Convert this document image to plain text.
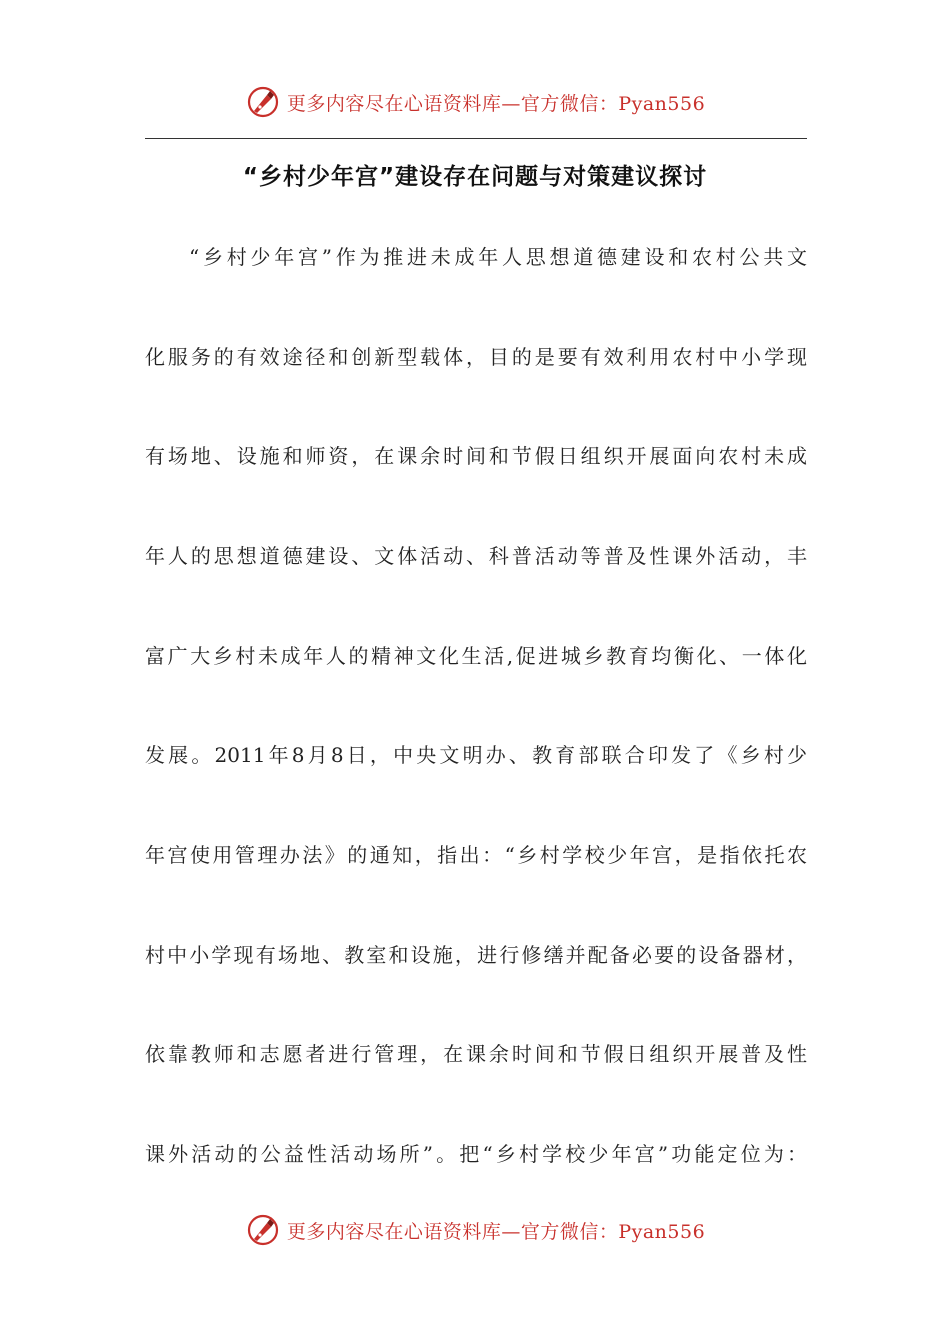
更多内容尽在心语资料库—官方微信：Pyan556
“乡村少年宫”建设存在问题与对策建议探讨
“乡村少年宫”作为推进未成年人思想道德建设和农村公共文
化服务的有效途径和创新型载体，目的是要有效利用农村中小学现
有场地、设施和师资，在课余时间和节假日组织开展面向农村未成
年人的思想道德建设、文体活动、科普活动等普及性课外活动，丰
富广大乡村未成年人的精神文化生活,促进城乡教育均衡化、一体化
发展。2011年8月8日，中央文明办、教育部联合印发了《乡村少
年宫使用管理办法》的通知，指出：“乡村学校少年宫，是指依托农
村中小学现有场地、教室和设施，进行修缮并配备必要的设备器材，
依靠教师和志愿者进行管理，在课余时间和节假日组织开展普及性
课外活动的公益性活动场所”。把“乡村学校少年宫”功能定位为：
更多内容尽在心语资料库—官方微信：Pyan556
